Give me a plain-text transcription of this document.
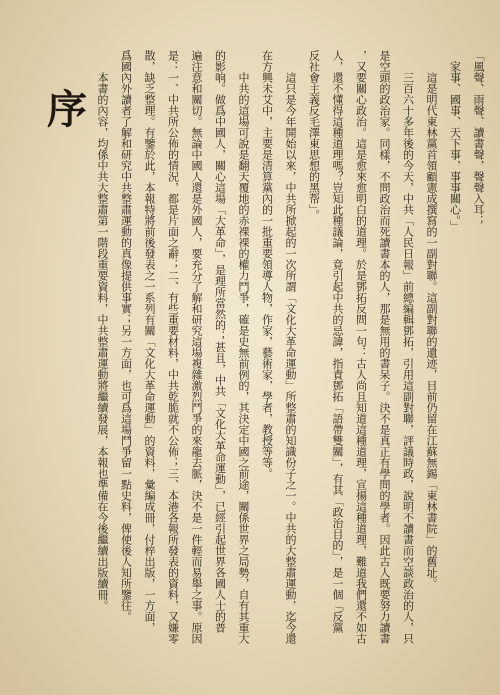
序	「風聲、雨聲、讀書聲，聲聲入耳；
家事、國事、天下事，事事關心。」
這是明代東林黨首領顧憲成撰寫的一副對聯。這副對聯的遺迹，目前仍留在江蘇無錫「東林書院」的舊址。
三百六十多年後的今天，中共「人民日報」前總編輯鄧拓，引用這副對聯，評議時政，說明不讀書而空談政治的人，只
是空頭的政治家。同樣，不問政治而死讀書本的人，那是無用的書呆子。決不是真正有學問的學者。因此古人既要努力讀書
，又要關心政治。這是愈來愈明白的道理。於是鄧拓反問一句：古人尚且知道這種道理，宣揚這種道理，難道我們還不如古
人，還不懂得這種道理嗎？豈知此種議論，竟引起中共的忌諱，指責鄧拓「語帶雙關」，有其「政治目的」，是一個「反黨
反社會主義反毛澤東思想的黑帮」。
這只是今年開始以來，中共所掀起的一次所謂「文化大革命運動」所整肅的知識份子之一。中共的大整肅運動，迄今還
在方興未艾中，主要是清算黨內的一批重要領導人物，作家，藝術家，學者，教授等等。
中共的這場可說是翻天覆地的赤裸裸的權力鬥爭，確是史無前例的，其決定中國之前途，關係世界之局勢，自有其重大
的影响。做爲中國人，關心這場「大革命」，是理所當然的；甚且，中共「文化大革命運動」，已經引起世界各國人士的普
遍注意和關切。無論中國人還是外國人，要充分了解和研究這場複雜激烈鬥爭的來龍去脈，決不是一件輕而易舉之事。原因
是：一、中共所公佈的情況，都是片面之辭；二、有些重要材料，中共乾脆就不公佈；三、本港各報所發表的資料，又嫌零
散，缺乏整理。有鑒於此，本報特將前後發表之一系列有關「文化大革命運動」的資料，彙編成冊，付梓出版，一方面，
爲國內外讀者了解和研究中共整肅運動的真像提供事實；另一方面，也可爲這場鬥爭留一點史料，俾使後人知所鑒往。
本書的內容，均係中共大整肅第一階段重要資料，中共整肅運動將繼續發展，本報也準備在今後繼續出版續冊。
